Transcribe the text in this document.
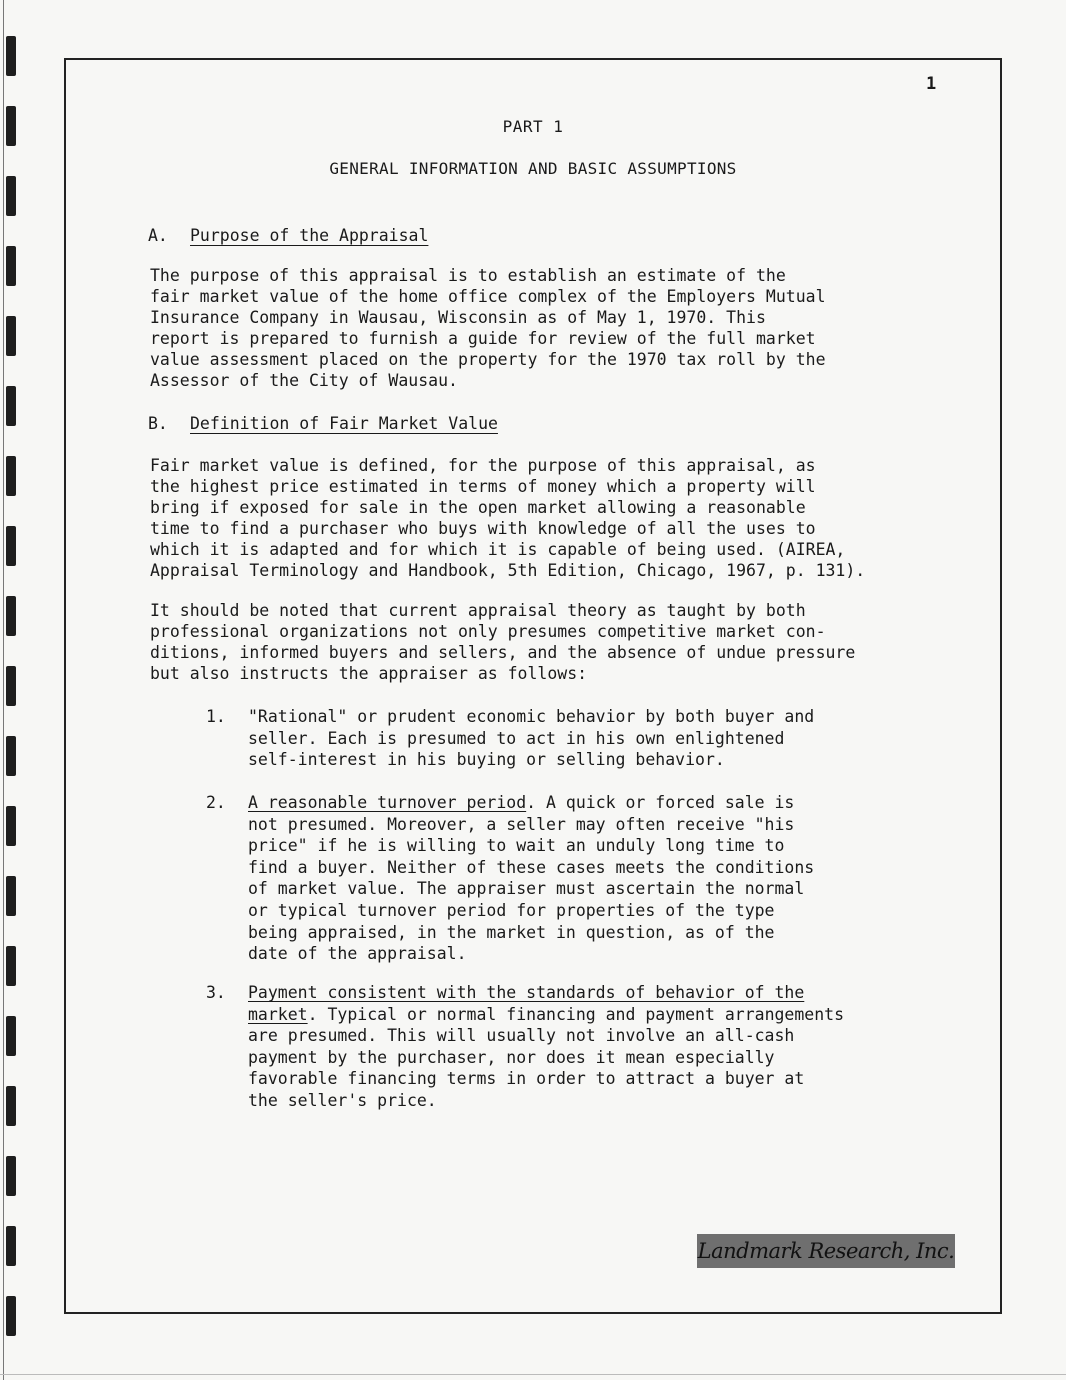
1
PART 1
GENERAL INFORMATION AND BASIC ASSUMPTIONS
A. Purpose of the Appraisal
The purpose of this appraisal is to establish an estimate of the
fair market value of the home office complex of the Employers Mutual
Insurance Company in Wausau, Wisconsin as of May 1, 1970. This
report is prepared to furnish a guide for review of the full market
value assessment placed on the property for the 1970 tax roll by the
Assessor of the City of Wausau.
B. Definition of Fair Market Value
Fair market value is defined, for the purpose of this appraisal, as
the highest price estimated in terms of money which a property will
bring if exposed for sale in the open market allowing a reasonable
time to find a purchaser who buys with knowledge of all the uses to
which it is adapted and for which it is capable of being used. (AIREA,
Appraisal Terminology and Handbook, 5th Edition, Chicago, 1967, p. 131).
It should be noted that current appraisal theory as taught by both
professional organizations not only presumes competitive market con-
ditions, informed buyers and sellers, and the absence of undue pressure
but also instructs the appraiser as follows:
1.	"Rational" or prudent economic behavior by both buyer and
seller. Each is presumed to act in his own enlightened
self-interest in his buying or selling behavior.
2.	A reasonable turnover period. A quick or forced sale is
not presumed. Moreover, a seller may often receive "his
price" if he is willing to wait an unduly long time to
find a buyer. Neither of these cases meets the conditions
of market value. The appraiser must ascertain the normal
or typical turnover period for properties of the type
being appraised, in the market in question, as of the
date of the appraisal.
3.	Payment consistent with the standards of behavior of the
market. Typical or normal financing and payment arrangements
are presumed. This will usually not involve an all-cash
payment by the purchaser, nor does it mean especially
favorable financing terms in order to attract a buyer at
the seller's price.
Landmark Research, Inc.
